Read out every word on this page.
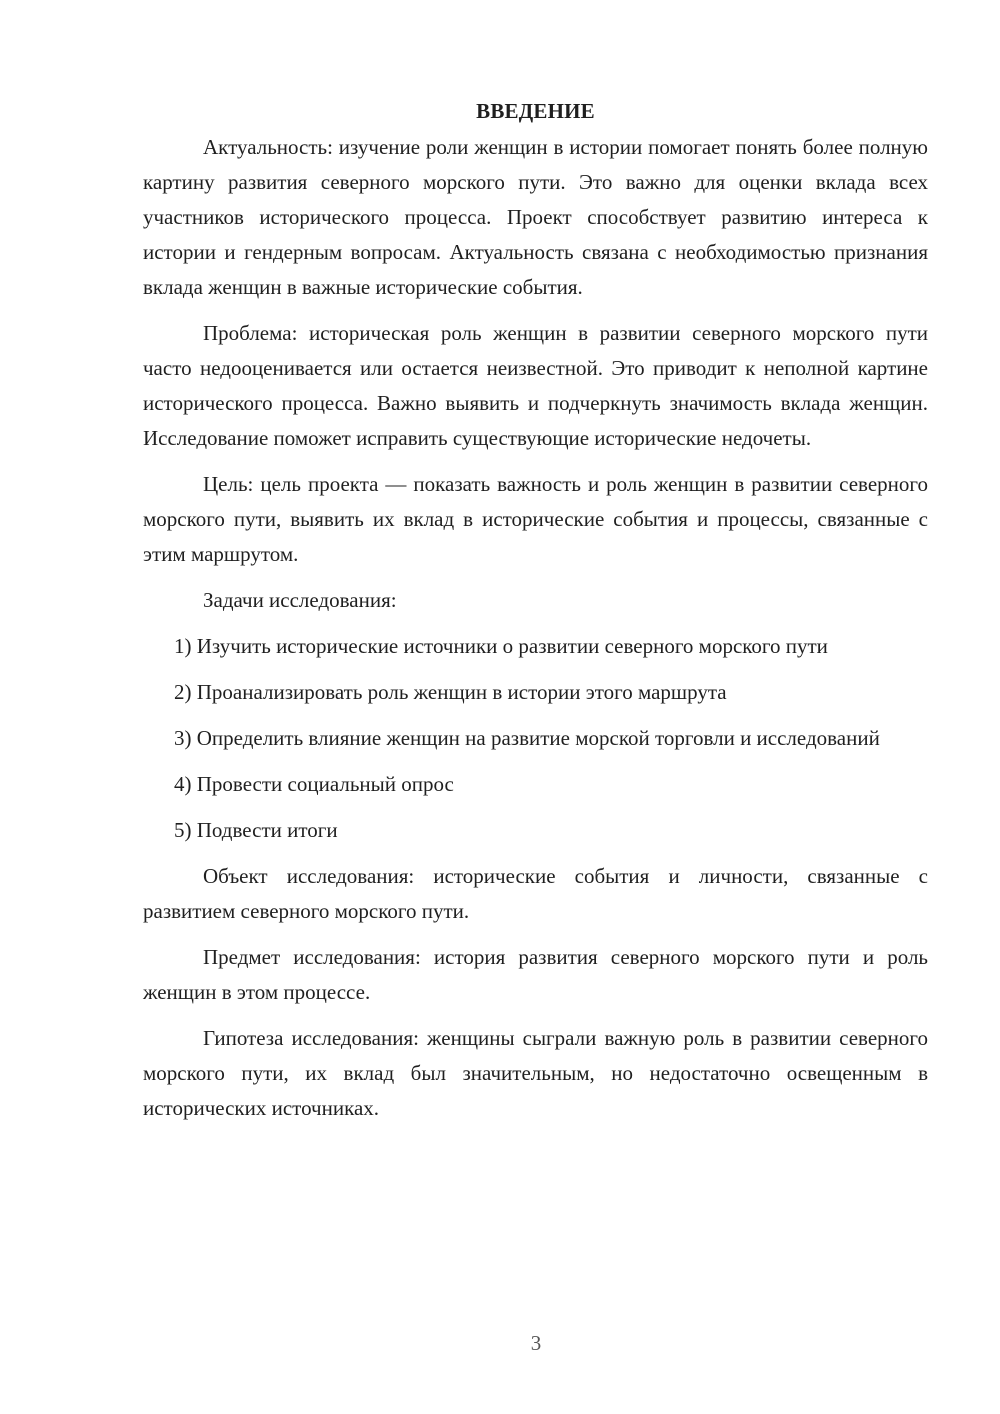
ВВЕДЕНИЕ

Актуальность: изучение роли женщин в истории помогает понять более полную картину развития северного морского пути. Это важно для оценки вклада всех участников исторического процесса. Проект способствует развитию интереса к истории и гендерным вопросам. Актуальность связана с необходимостью признания вклада женщин в важные исторические события.

Проблема: историческая роль женщин в развитии северного морского пути часто недооценивается или остается неизвестной. Это приводит к неполной картине исторического процесса. Важно выявить и подчеркнуть значимость вклада женщин. Исследование поможет исправить существующие исторические недочеты.

Цель: цель проекта — показать важность и роль женщин в развитии северного морского пути, выявить их вклад в исторические события и процессы, связанные с этим маршрутом.

Задачи исследования:

1) Изучить исторические источники о развитии северного морского пути

2) Проанализировать роль женщин в истории этого маршрута

3) Определить влияние женщин на развитие морской торговли и исследований

4) Провести социальный опрос

5) Подвести итоги

Объект исследования: исторические события и личности, связанные с развитием северного морского пути.

Предмет исследования: история развития северного морского пути и роль женщин в этом процессе.

Гипотеза исследования: женщины сыграли важную роль в развитии северного морского пути, их вклад был значительным, но недостаточно освещенным в исторических источниках.

3
